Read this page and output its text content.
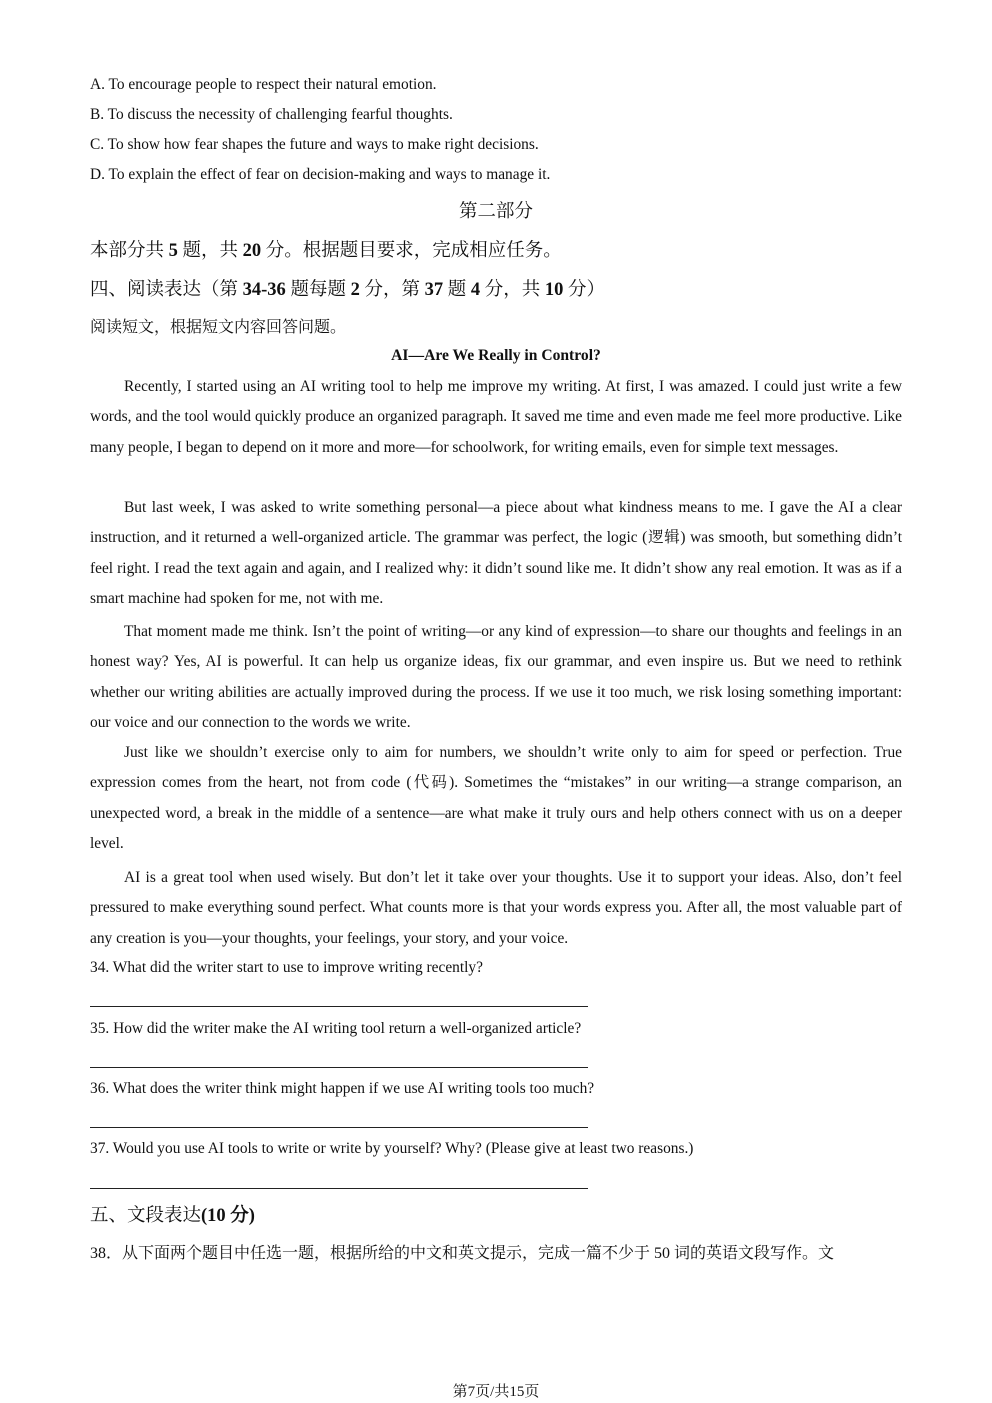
A. To encourage people to respect their natural emotion.
B. To discuss the necessity of challenging fearful thoughts.
C. To show how fear shapes the future and ways to make right decisions.
D. To explain the effect of fear on decision-making and ways to manage it.
第二部分
本部分共 5 题，共 20 分。根据题目要求，完成相应任务。
四、阅读表达（第 34-36 题每题 2 分，第 37 题 4 分，共 10 分）
阅读短文，根据短文内容回答问题。
AI—Are We Really in Control?
Recently, I started using an AI writing tool to help me improve my writing. At first, I was amazed. I could just write a few words, and the tool would quickly produce an organized paragraph. It saved me time and even made me feel more productive. Like many people, I began to depend on it more and more—for schoolwork, for writing emails, even for simple text messages.
But last week, I was asked to write something personal—a piece about what kindness means to me. I gave the AI a clear instruction, and it returned a well-organized article. The grammar was perfect, the logic (逻辑) was smooth, but something didn’t feel right. I read the text again and again, and I realized why: it didn’t sound like me. It didn’t show any real emotion. It was as if a smart machine had spoken for me, not with me.
That moment made me think. Isn’t the point of writing—or any kind of expression—to share our thoughts and feelings in an honest way? Yes, AI is powerful. It can help us organize ideas, fix our grammar, and even inspire us. But we need to rethink whether our writing abilities are actually improved during the process. If we use it too much, we risk losing something important: our voice and our connection to the words we write.
Just like we shouldn’t exercise only to aim for numbers, we shouldn’t write only to aim for speed or perfection. True expression comes from the heart, not from code (代码). Sometimes the “mistakes” in our writing—a strange comparison, an unexpected word, a break in the middle of a sentence—are what make it truly ours and help others connect with us on a deeper level.
AI is a great tool when used wisely. But don’t let it take over your thoughts. Use it to support your ideas. Also, don’t feel pressured to make everything sound perfect. What counts more is that your words express you. After all, the most valuable part of any creation is you—your thoughts, your feelings, your story, and your voice.
34. What did the writer start to use to improve writing recently?
35. How did the writer make the AI writing tool return a well-organized article?
36. What does the writer think might happen if we use AI writing tools too much?
37. Would you use AI tools to write or write by yourself? Why? (Please give at least two reasons.)
五、文段表达(10 分)
38．从下面两个题目中任选一题，根据所给的中文和英文提示，完成一篇不少于 50 词的英语文段写作。文
第7页/共15页
